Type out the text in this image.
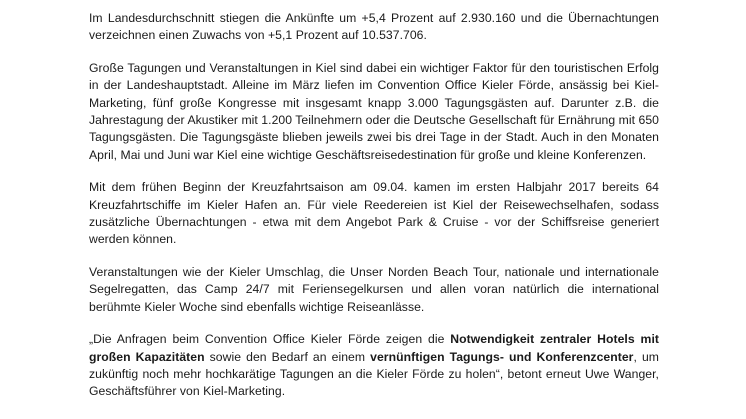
Im Landesdurchschnitt stiegen die Ankünfte um +5,4 Prozent auf 2.930.160 und die Übernachtungen verzeichnen einen Zuwachs von +5,1 Prozent auf 10.537.706.

Große Tagungen und Veranstaltungen in Kiel sind dabei ein wichtiger Faktor für den touristischen Erfolg in der Landeshauptstadt. Alleine im März liefen im Convention Office Kieler Förde, ansässig bei Kiel-Marketing, fünf große Kongresse mit insgesamt knapp 3.000 Tagungsgästen auf. Darunter z.B. die Jahrestagung der Akustiker mit 1.200 Teilnehmern oder die Deutsche Gesellschaft für Ernährung mit 650 Tagungsgästen. Die Tagungsgäste blieben jeweils zwei bis drei Tage in der Stadt. Auch in den Monaten April, Mai und Juni war Kiel eine wichtige Geschäftsreisedestination für große und kleine Konferenzen.

Mit dem frühen Beginn der Kreuzfahrtsaison am 09.04. kamen im ersten Halbjahr 2017 bereits 64 Kreuzfahrtschiffe im Kieler Hafen an. Für viele Reedereien ist Kiel der Reisewechselhafen, sodass zusätzliche Übernachtungen - etwa mit dem Angebot Park & Cruise - vor der Schiffsreise generiert werden können.

Veranstaltungen wie der Kieler Umschlag, die Unser Norden Beach Tour, nationale und internationale Segelregatten, das Camp 24/7 mit Feriensegelkursen und allen voran natürlich die international berühmte Kieler Woche sind ebenfalls wichtige Reiseanlässe.

„Die Anfragen beim Convention Office Kieler Förde zeigen die Notwendigkeit zentraler Hotels mit großen Kapazitäten sowie den Bedarf an einem vernünftigen Tagungs- und Konferenzcenter, um zukünftig noch mehr hochkarätige Tagungen an die Kieler Förde zu holen“, betont erneut Uwe Wanger, Geschäftsführer von Kiel-Marketing.
